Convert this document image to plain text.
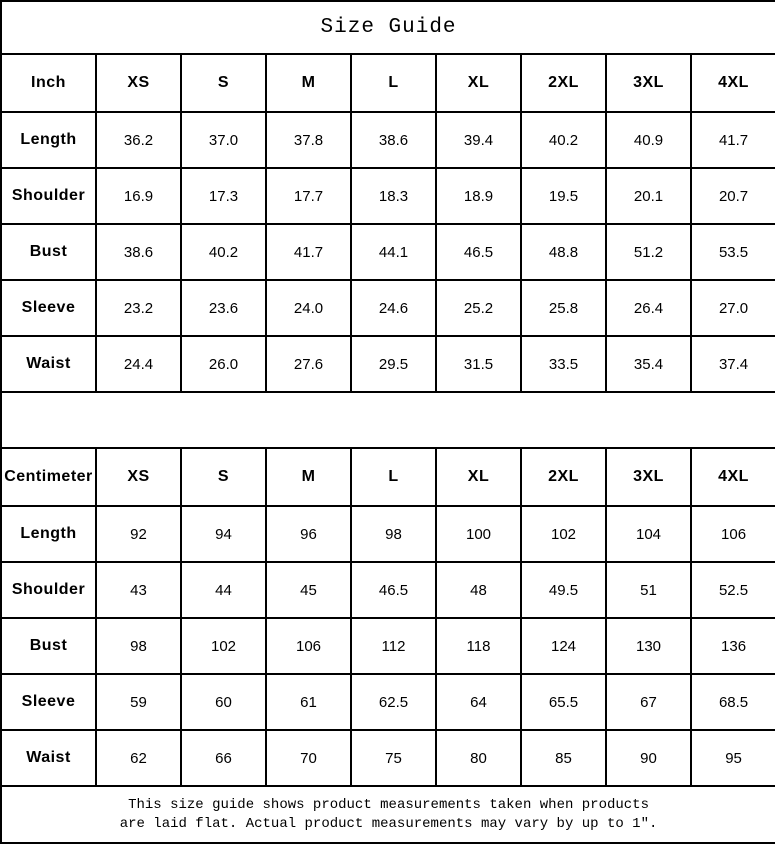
Size Guide								
Inch	XS	S	M	L	XL	2XL	3XL	4XL
Length	36.2	37.0	37.8	38.6	39.4	40.2	40.9	41.7
Shoulder	16.9	17.3	17.7	18.3	18.9	19.5	20.1	20.7
Bust	38.6	40.2	41.7	44.1	46.5	48.8	51.2	53.5
Sleeve	23.2	23.6	24.0	24.6	25.2	25.8	26.4	27.0
Waist	24.4	26.0	27.6	29.5	31.5	33.5	35.4	37.4

Centimeter	XS	S	M	L	XL	2XL	3XL	4XL
Length	92	94	96	98	100	102	104	106
Shoulder	43	44	45	46.5	48	49.5	51	52.5
Bust	98	102	106	112	118	124	130	136
Sleeve	59	60	61	62.5	64	65.5	67	68.5
Waist	62	66	70	75	80	85	90	95

This size guide shows product measurements taken when products
are laid flat. Actual product measurements may vary by up to 1″.								
